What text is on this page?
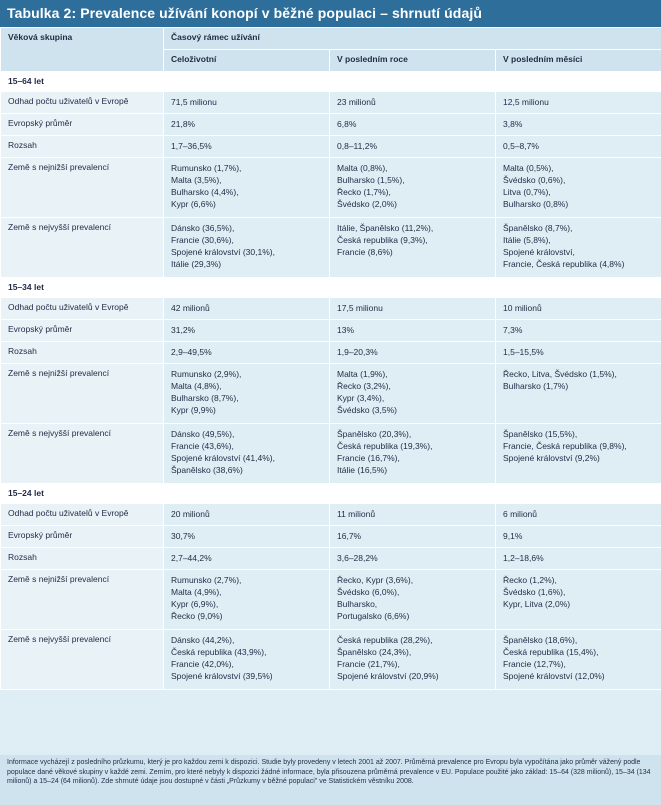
Tabulka 2: Prevalence užívání konopí v běžné populaci – shrnutí údajů
Věková skupina	Časový rámec užívání		
	Celoživotní	V posledním roce	V posledním měsíci
15–64 let			
Odhad počtu uživatelů v Evropě	71,5 milionu	23 milionů	12,5 milionu

Evropský průměr	21,8%	6,8%	3,8%

Rozsah	1,7–36,5%	0,8–11,2%	0,5–8,7%

Země s nejnižší prevalencí	Rumunsko (1,7%),
Malta (3,5%),
Bulharsko (4,4%),
Kypr (6,6%)	Malta (0,8%),
Bulharsko (1,5%),
Řecko (1,7%),
Švédsko (2,0%)	Malta (0,5%),
Švédsko (0,6%),
Litva (0,7%),
Bulharsko (0,8%)

Země s nejvyšší prevalencí	Dánsko (36,5%),
Francie (30,6%),
Spojené království (30,1%),
Itálie (29,3%)	Itálie, Španělsko (11,2%),
Česká republika (9,3%),
Francie (8,6%)	Španělsko (8,7%),
Itálie (5,8%),
Spojené království,
Francie, Česká republika (4,8%)

15–34 let			
Odhad počtu uživatelů v Evropě	42 milionů	17,5 milionu	10 milionů

Evropský průměr	31,2%	13%	7,3%

Rozsah	2,9–49,5%	1,9–20,3%	1,5–15,5%

Země s nejnižší prevalencí	Rumunsko (2,9%),
Malta (4,8%),
Bulharsko (8,7%),
Kypr (9,9%)	Malta (1,9%),
Řecko (3,2%),
Kypr (3,4%),
Švédsko (3,5%)	Řecko, Litva, Švédsko (1,5%),
Bulharsko (1,7%)

Země s nejvyšší prevalencí	Dánsko (49,5%),
Francie (43,6%),
Spojené království (41,4%),
Španělsko (38,6%)	Španělsko (20,3%),
Česká republika (19,3%),
Francie (16,7%),
Itálie (16,5%)	Španělsko (15,5%),
Francie, Česká republika (9,8%),
Spojené království (9,2%)

15–24 let			
Odhad počtu uživatelů v Evropě	20 milionů	11 milionů	6 milionů

Evropský průměr	30,7%	16,7%	9,1%

Rozsah	2,7–44,2%	3,6–28,2%	1,2–18,6%

Země s nejnižší prevalencí	Rumunsko (2,7%),
Malta (4,9%),
Kypr (6,9%),
Řecko (9,0%)	Řecko, Kypr (3,6%),
Švédsko (6,0%),
Bulharsko,
Portugalsko (6,6%)	Řecko (1,2%),
Švédsko (1,6%),
Kypr, Litva (2,0%)

Země s nejvyšší prevalencí	Dánsko (44,2%),
Česká republika (43,9%),
Francie (42,0%),
Spojené království (39,5%)	Česká republika (28,2%),
Španělsko (24,3%),
Francie (21,7%),
Spojené království (20,9%)	Španělsko (18,6%),
Česká republika (15,4%),
Francie (12,7%),
Spojené království (12,0%)
Informace vycházejí z posledního průzkumu, který je pro každou zemi k dispozici. Studie byly provedeny v letech 2001 až 2007. Průměrná prevalence pro Evropu byla vypočítána jako průměr vážený podle populace dané věkové skupiny v každé zemi. Zemím, pro které nebyly k dispozici žádné informace, byla přisouzena průměrná prevalence v EU. Populace použité jako základ: 15–64 (328 milionů), 15–34 (134 milionů) a 15–24 (64 milionů). Zde shrnuté údaje jsou dostupné v části „Průzkumy v běžné populaci" ve Statistickém věstníku 2008.
